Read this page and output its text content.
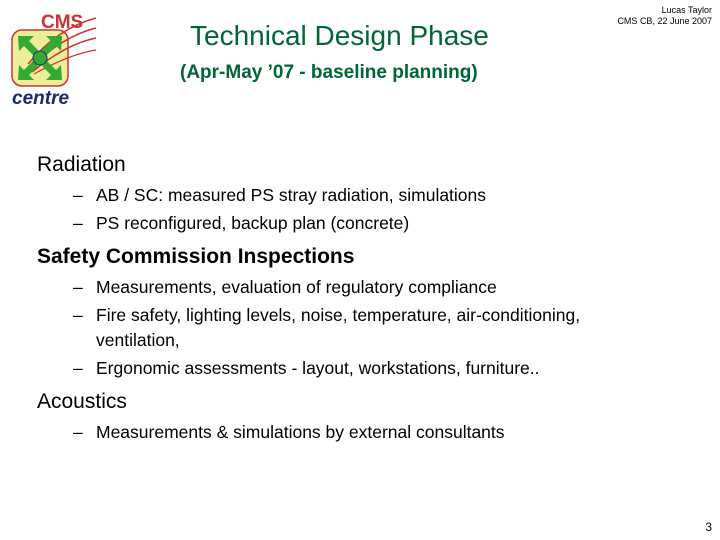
CMS
centre
Technical Design Phase
(Apr-May ’07 - baseline planning)
Lucas Taylor
CMS CB, 22 June 2007
Radiation
– AB / SC: measured PS stray radiation, simulations
– PS reconfigured, backup plan (concrete)
Safety Commission Inspections
– Measurements, evaluation of regulatory compliance
– Fire safety, lighting levels, noise, temperature, air-conditioning, ventilation,
– Ergonomic assessments - layout, workstations, furniture..
Acoustics
– Measurements & simulations by external consultants
3
